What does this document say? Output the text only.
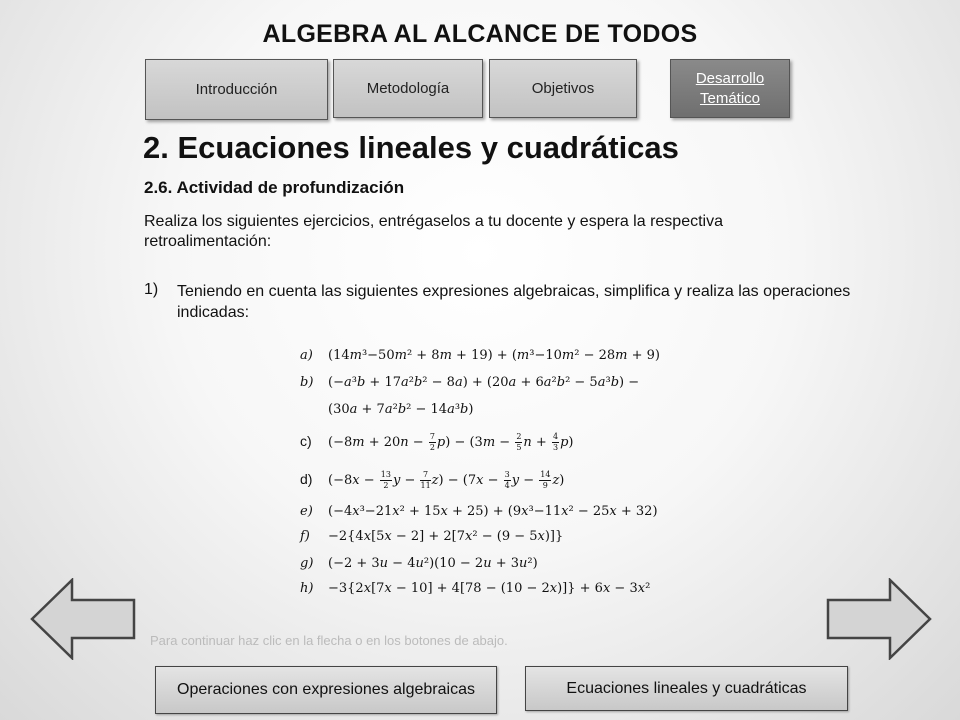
ALGEBRA AL ALCANCE DE TODOS
Introducción	Metodología	Objetivos
Desarrollo Temático
2. Ecuaciones lineales y cuadráticas
2.6. Actividad de profundización
Realiza los siguientes ejercicios, entrégaselos a tu docente y espera la respectiva retroalimentación:
1) Teniendo en cuenta las siguientes expresiones algebraicas, simplifica y realiza las operaciones indicadas:
a) (14m³−50m² + 8m + 19) + (m³−10m² − 28m + 9)
b) (−a³b + 17a²b² − 8a) + (20a + 6a²b² − 5a³b) −
(30a + 7a²b² − 14a³b)
c) $(-8m + 20n - \frac{7}{2} p) - (3m - \frac{2}{5}$ $n + \frac{4}{3} p$)
d) ($-8x - \frac{13}{2}$ $y - \frac{7}{11} z) - (7x - \frac{3}{4}$ $y - \frac{14}{9} z$)
e) (−4x³−21x² + 15x + 25) + (9x³−11x² − 25x + 32)
f) −2{4x[5x − 2] + 2[7x² − (9 − 5x)]}
g) (−2 + 3u − 4u²)(10 − 2u + 3u²)
h) −3{2x[7x − 10] + 4[78 − (10 − 2x)]} + 6x − 3x²
Para continuar haz clic en la flecha o en los botones de abajo.
Operaciones con expresiones algebraicas	Ecuaciones lineales y cuadráticas
